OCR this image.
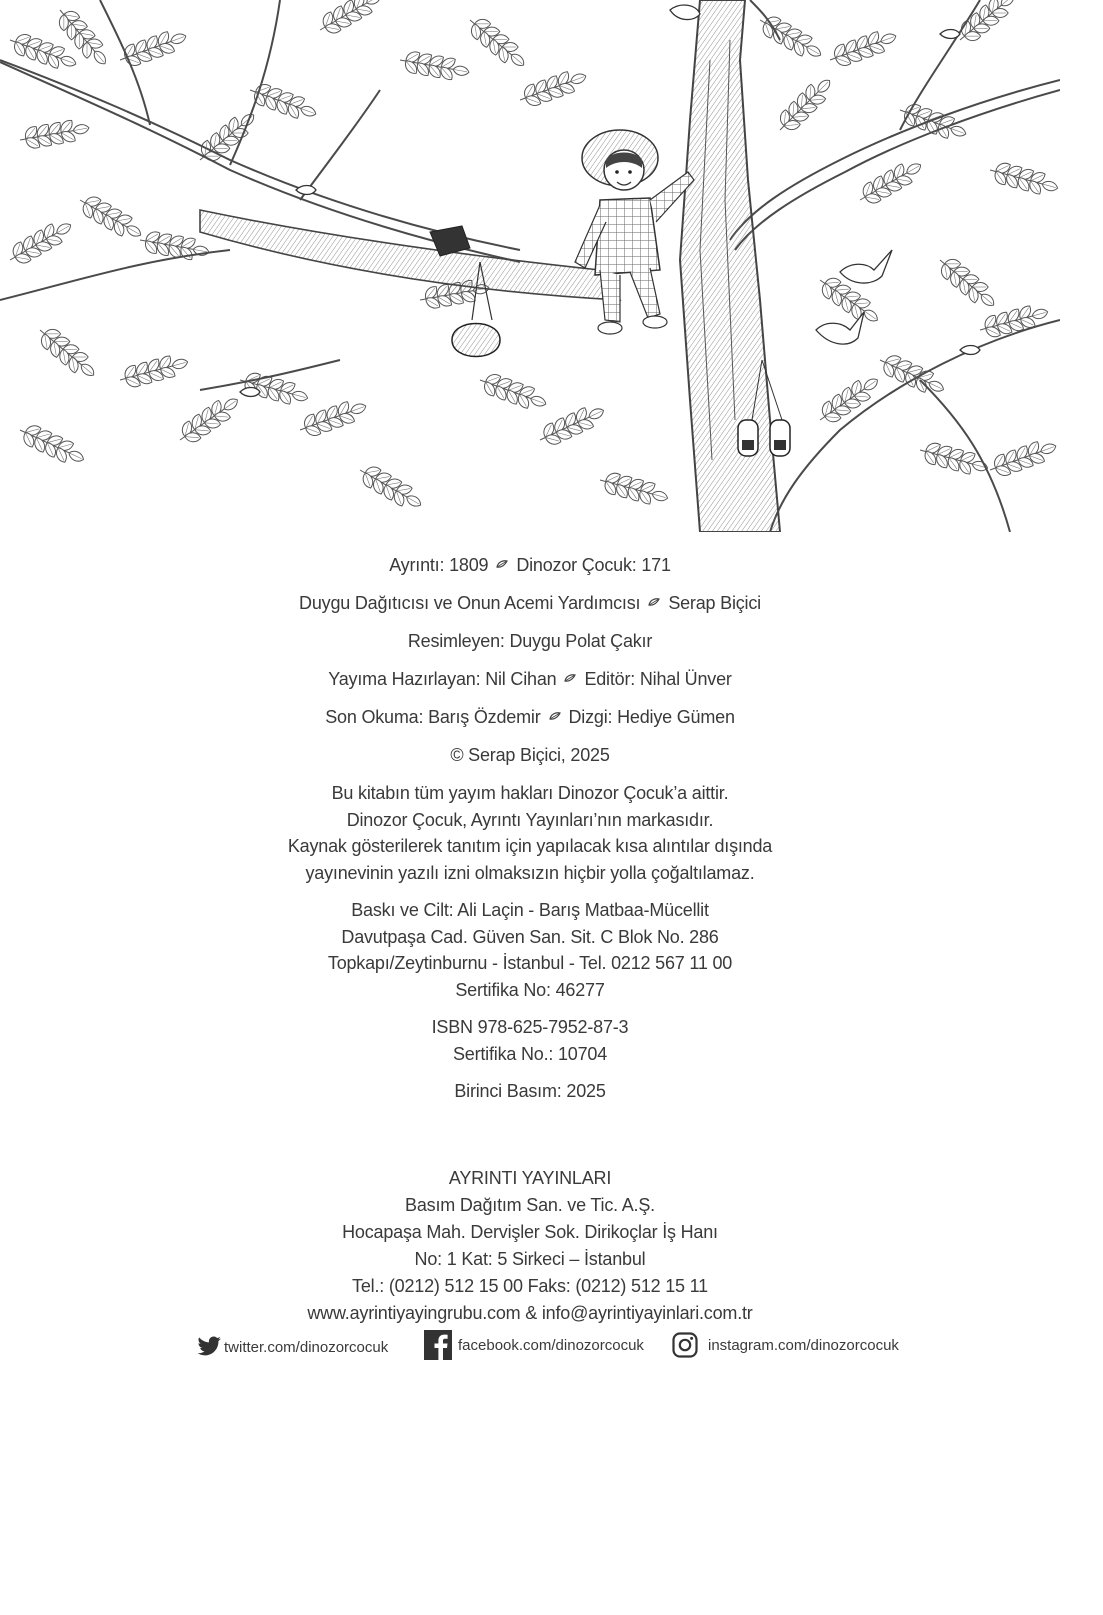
Ayrıntı: 1809 Dinozor Çocuk: 171
Duygu Dağıtıcısı ve Onun Acemi Yardımcısı Serap Biçici
Resimleyen: Duygu Polat Çakır
Yayıma Hazırlayan: Nil Cihan Editör: Nihal Ünver
Son Okuma: Barış Özdemir Dizgi: Hediye Gümen
© Serap Biçici, 2025
Bu kitabın tüm yayım hakları Dinozor Çocuk’a aittir.
Dinozor Çocuk, Ayrıntı Yayınları’nın markasıdır.
Kaynak gösterilerek tanıtım için yapılacak kısa alıntılar dışında
yayınevinin yazılı izni olmaksızın hiçbir yolla çoğaltılamaz.
Baskı ve Cilt: Ali Laçin - Barış Matbaa-Mücellit
Davutpaşa Cad. Güven San. Sit. C Blok No. 286
Topkapı/Zeytinburnu - İstanbul - Tel. 0212 567 11 00
Sertifika No: 46277
ISBN 978-625-7952-87-3
Sertifika No.: 10704
Birinci Basım: 2025
AYRINTI YAYINLARI
Basım Dağıtım San. ve Tic. A.Ş.
Hocapaşa Mah. Dervişler Sok. Dirikoçlar İş Hanı
No: 1 Kat: 5 Sirkeci – İstanbul
Tel.: (0212) 512 15 00 Faks: (0212) 512 15 11
www.ayrintiyayingrubu.com & info@ayrintiyayinlari.com.tr
twitter.com/dinozorcocuk	facebook.com/dinozorcocuk	instagram.com/dinozorcocuk
